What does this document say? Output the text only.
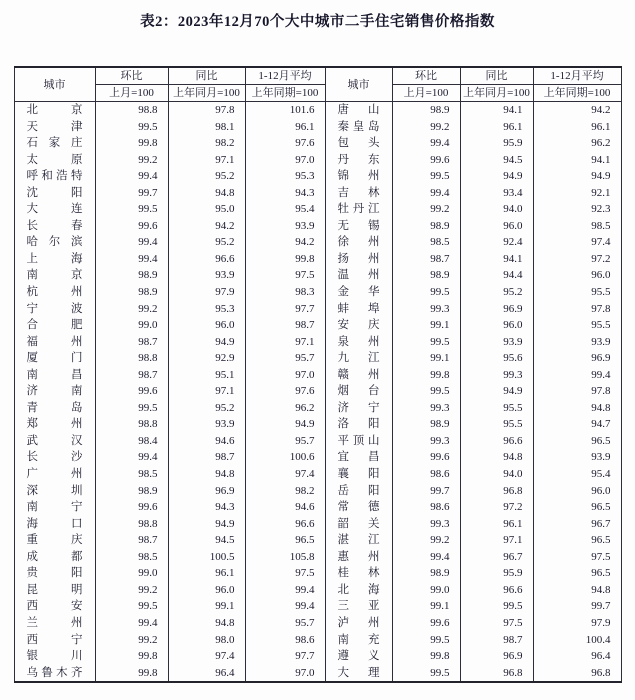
表2：2023年12月70个大中城市二手住宅销售价格指数
城市	环比	同比	1-12月平均	城市	环比	同比	1-12月平均
	上月=100	上年同月=100	上年同期=100		上月=100	上年同月=100	上年同期=100

北 京	98.8	97.8	101.6	唐 山	98.9	94.1	94.2

天 津	99.5	98.1	96.1	秦 皇 岛	99.2	96.1	96.1

石 家 庄	99.8	98.2	97.6	包 头	99.4	95.9	96.2

太 原	99.2	97.1	97.0	丹 东	99.6	94.5	94.1

呼 和 浩 特	99.4	95.2	95.3	锦 州	99.5	94.9	94.9

沈 阳	99.7	94.8	94.3	吉 林	99.4	93.4	92.1

大 连	99.5	95.0	95.4	牡 丹 江	99.2	94.0	92.3

长 春	99.6	94.2	93.9	无 锡	98.9	96.0	98.5

哈 尔 滨	99.4	95.2	94.2	徐 州	98.5	92.4	97.4

上 海	99.4	96.6	99.8	扬 州	98.7	94.1	97.2

南 京	98.9	93.9	97.5	温 州	98.9	94.4	96.0

杭 州	98.9	97.9	98.3	金 华	99.5	95.2	95.5

宁 波	99.2	95.3	97.7	蚌 埠	99.3	96.9	97.8

合 肥	99.0	96.0	98.7	安 庆	99.1	96.0	95.5

福 州	98.7	94.9	97.1	泉 州	99.5	93.9	93.9

厦 门	98.8	92.9	95.7	九 江	99.1	95.6	96.9

南 昌	98.7	95.1	97.0	赣 州	99.8	99.3	99.4

济 南	99.6	97.1	97.6	烟 台	99.5	94.9	97.8

青 岛	99.5	95.2	96.2	济 宁	99.3	95.5	94.8

郑 州	98.8	93.9	94.9	洛 阳	98.9	95.5	94.7

武 汉	98.4	94.6	95.7	平 顶 山	99.3	96.6	96.5

长 沙	99.4	98.7	100.6	宜 昌	99.6	94.8	93.9

广 州	98.5	94.8	97.4	襄 阳	98.6	94.0	95.4

深 圳	98.9	96.9	98.2	岳 阳	99.7	96.8	96.0

南 宁	99.6	94.3	94.6	常 德	98.6	97.2	96.5

海 口	98.8	94.9	96.6	韶 关	99.3	96.1	96.7

重 庆	98.7	94.5	96.5	湛 江	99.2	97.1	96.5

成 都	98.5	100.5	105.8	惠 州	99.4	96.7	97.5

贵 阳	99.0	96.1	97.5	桂 林	98.9	95.9	96.5

昆 明	99.2	96.0	99.4	北 海	99.0	96.6	94.8

西 安	99.5	99.1	99.4	三 亚	99.1	99.5	99.7

兰 州	99.4	94.8	95.7	泸 州	99.6	97.5	97.9

西 宁	99.2	98.0	98.6	南 充	99.5	98.7	100.4

银 川	99.8	97.4	97.7	遵 义	99.8	96.9	96.4

乌 鲁 木 齐	99.8	96.4	97.0	大 理	99.5	96.8	96.8
